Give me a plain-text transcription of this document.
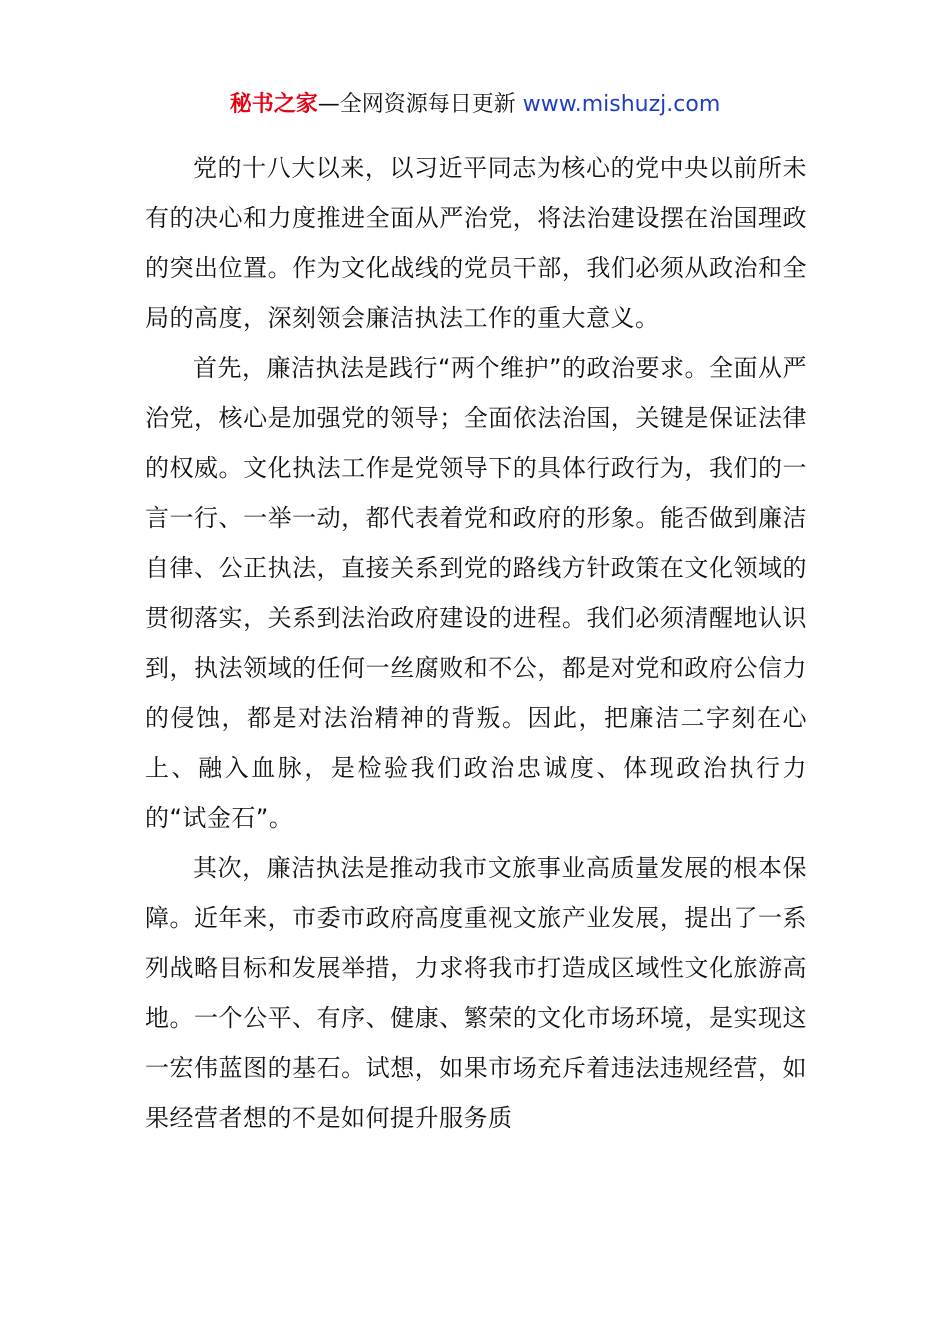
秘书之家—全网资源每日更新 www.mishuzj.com

党的十八大以来，以习近平同志为核心的党中央以前所未有的决心和力度推进全面从严治党，将法治建设摆在治国理政的突出位置。作为文化战线的党员干部，我们必须从政治和全局的高度，深刻领会廉洁执法工作的重大意义。

首先，廉洁执法是践行“两个维护”的政治要求。全面从严治党，核心是加强党的领导；全面依法治国，关键是保证法律的权威。文化执法工作是党领导下的具体行政行为，我们的一言一行、一举一动，都代表着党和政府的形象。能否做到廉洁自律、公正执法，直接关系到党的路线方针政策在文化领域的贯彻落实，关系到法治政府建设的进程。我们必须清醒地认识到，执法领域的任何一丝腐败和不公，都是对党和政府公信力的侵蚀，都是对法治精神的背叛。因此，把廉洁二字刻在心上、融入血脉，是检验我们政治忠诚度、体现政治执行力的“试金石”。

其次，廉洁执法是推动我市文旅事业高质量发展的根本保障。近年来，市委市政府高度重视文旅产业发展，提出了一系列战略目标和发展举措，力求将我市打造成区域性文化旅游高地。一个公平、有序、健康、繁荣的文化市场环境，是实现这一宏伟蓝图的基石。试想，如果市场充斥着违法违规经营，如果经营者想的不是如何提升服务质
